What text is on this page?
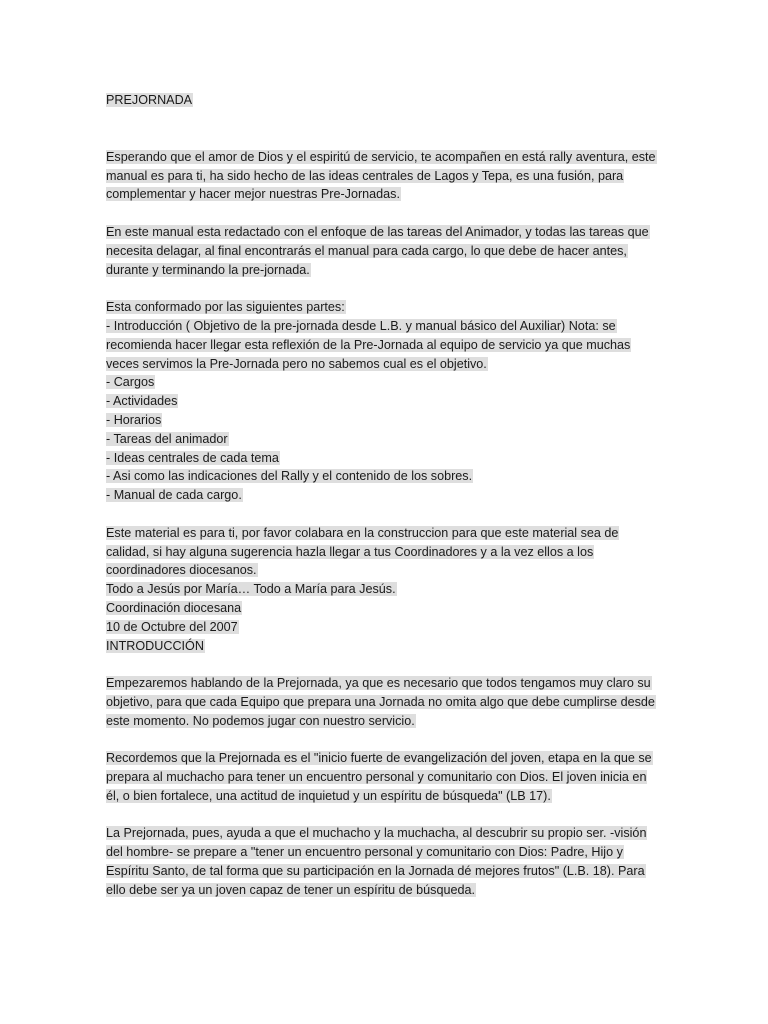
PREJORNADA
Esperando que el amor de Dios y el espiritú de servicio, te acompañen en está rally aventura, este
manual es para ti, ha sido hecho de las ideas centrales de Lagos y Tepa, es una fusión, para
complementar y hacer mejor nuestras Pre-Jornadas.
En este manual esta redactado con el enfoque de las tareas del Animador, y todas las tareas que
necesita delagar, al final encontrarás el manual para cada cargo, lo que debe de hacer antes,
durante y terminando la pre-jornada.
Esta conformado por las siguientes partes:
- Introducción ( Objetivo de la pre-jornada desde L.B. y manual básico del Auxiliar) Nota: se
recomienda hacer llegar esta reflexión de la Pre-Jornada al equipo de servicio ya que muchas
veces servimos la Pre-Jornada pero no sabemos cual es el objetivo.
- Cargos
- Actividades
- Horarios
- Tareas del animador
- Ideas centrales de cada tema
- Asi como las indicaciones del Rally y el contenido de los sobres.
- Manual de cada cargo.
Este material es para ti, por favor colabara en la construccion para que este material sea de
calidad, si hay alguna sugerencia hazla llegar a tus Coordinadores y a la vez ellos a los
coordinadores diocesanos.
Todo a Jesús por María… Todo a María para Jesús.
Coordinación diocesana
10 de Octubre del 2007
INTRODUCCIÓN
Empezaremos hablando de la Prejornada, ya que es necesario que todos tengamos muy claro su
objetivo, para que cada Equipo que prepara una Jornada no omita algo que debe cumplirse desde
este momento. No podemos jugar con nuestro servicio.
Recordemos que la Prejornada es el "inicio fuerte de evangelización del joven, etapa en la que se
prepara al muchacho para tener un encuentro personal y comunitario con Dios. El joven inicia en
él, o bien fortalece, una actitud de inquietud y un espíritu de búsqueda" (LB 17).
La Prejornada, pues, ayuda a que el muchacho y la muchacha, al descubrir su propio ser. -visión
del hombre- se prepare a "tener un encuentro personal y comunitario con Dios: Padre, Hijo y
Espíritu Santo, de tal forma que su participación en la Jornada dé mejores frutos" (L.B. 18). Para
ello debe ser ya un joven capaz de tener un espíritu de búsqueda.
